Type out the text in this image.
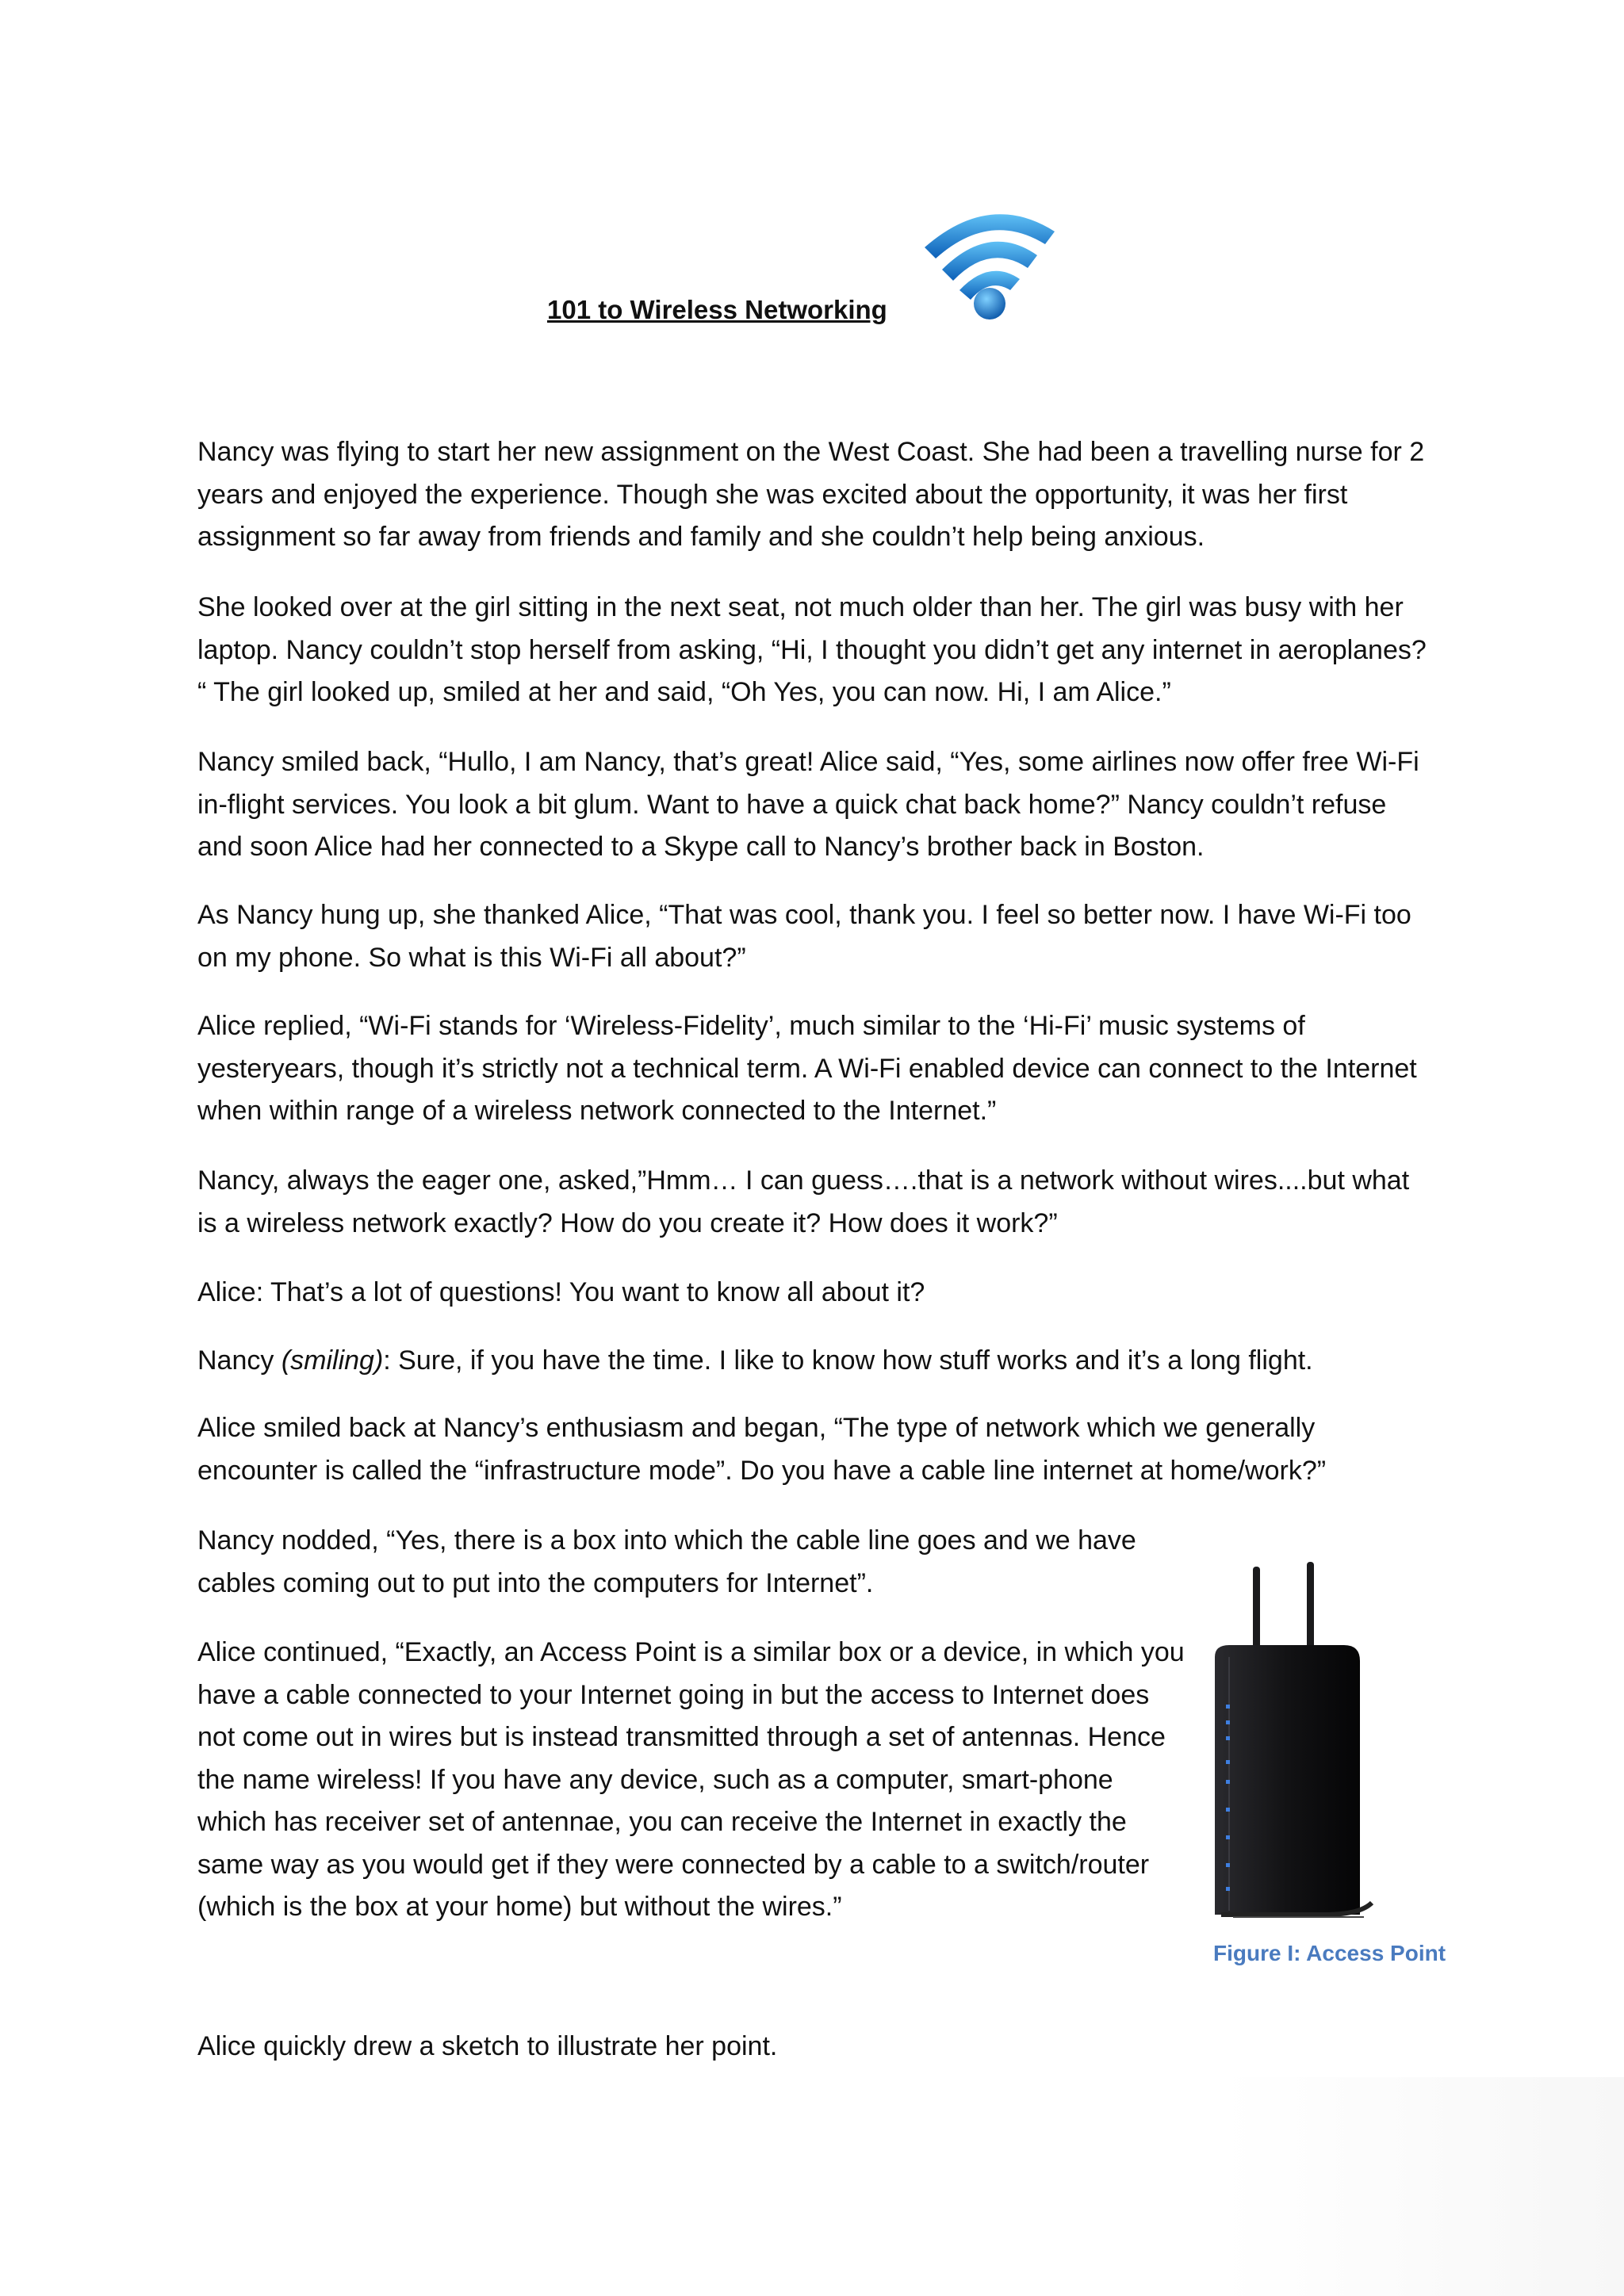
101 to Wireless Networking

Nancy was flying to start her new assignment on the West Coast. She had been a travelling nurse for 2 years and enjoyed the experience. Though she was excited about the opportunity, it was her first assignment so far away from friends and family and she couldn’t help being anxious.

She looked over at the girl sitting in the next seat, not much older than her. The girl was busy with her laptop. Nancy couldn’t stop herself from asking, “Hi, I thought you didn’t get any internet in aeroplanes? “ The girl looked up, smiled at her and said, “Oh Yes, you can now. Hi, I am Alice.”

Nancy smiled back, “Hullo, I am Nancy, that’s great! Alice said, “Yes, some airlines now offer free Wi-Fi in-flight services. You look a bit glum. Want to have a quick chat back home?” Nancy couldn’t refuse and soon Alice had her connected to a Skype call to Nancy’s brother back in Boston.

As Nancy hung up, she thanked Alice, “That was cool, thank you. I feel so better now. I have Wi-Fi too on my phone. So what is this Wi-Fi all about?”

Alice replied, “Wi-Fi stands for ‘Wireless-Fidelity’, much similar to the ‘Hi-Fi’ music systems of yesteryears, though it’s strictly not a technical term. A Wi-Fi enabled device can connect to the Internet when within range of a wireless network connected to the Internet.”

Nancy, always the eager one, asked,”Hmm… I can guess….that is a network without wires....but what is a wireless network exactly? How do you create it? How does it work?”

Alice: That’s a lot of questions! You want to know all about it?

Nancy (smiling): Sure, if you have the time. I like to know how stuff works and it’s a long flight.

Alice smiled back at Nancy’s enthusiasm and began, “The type of network which we generally encounter is called the “infrastructure mode”. Do you have a cable line internet at home/work?”

Nancy nodded, “Yes, there is a box into which the cable line goes and we have cables coming out to put into the computers for Internet”.

Alice continued, “Exactly, an Access Point is a similar box or a device, in which you have a cable connected to your Internet going in but the access to Internet does not come out in wires but is instead transmitted through a set of antennas. Hence the name wireless! If you have any device, such as a computer, smart-phone which has receiver set of antennae, you can receive the Internet in exactly the same way as you would get if they were connected by a cable to a switch/router (which is the box at your home) but without the wires.”

Figure I: Access Point

Alice quickly drew a sketch to illustrate her point.
